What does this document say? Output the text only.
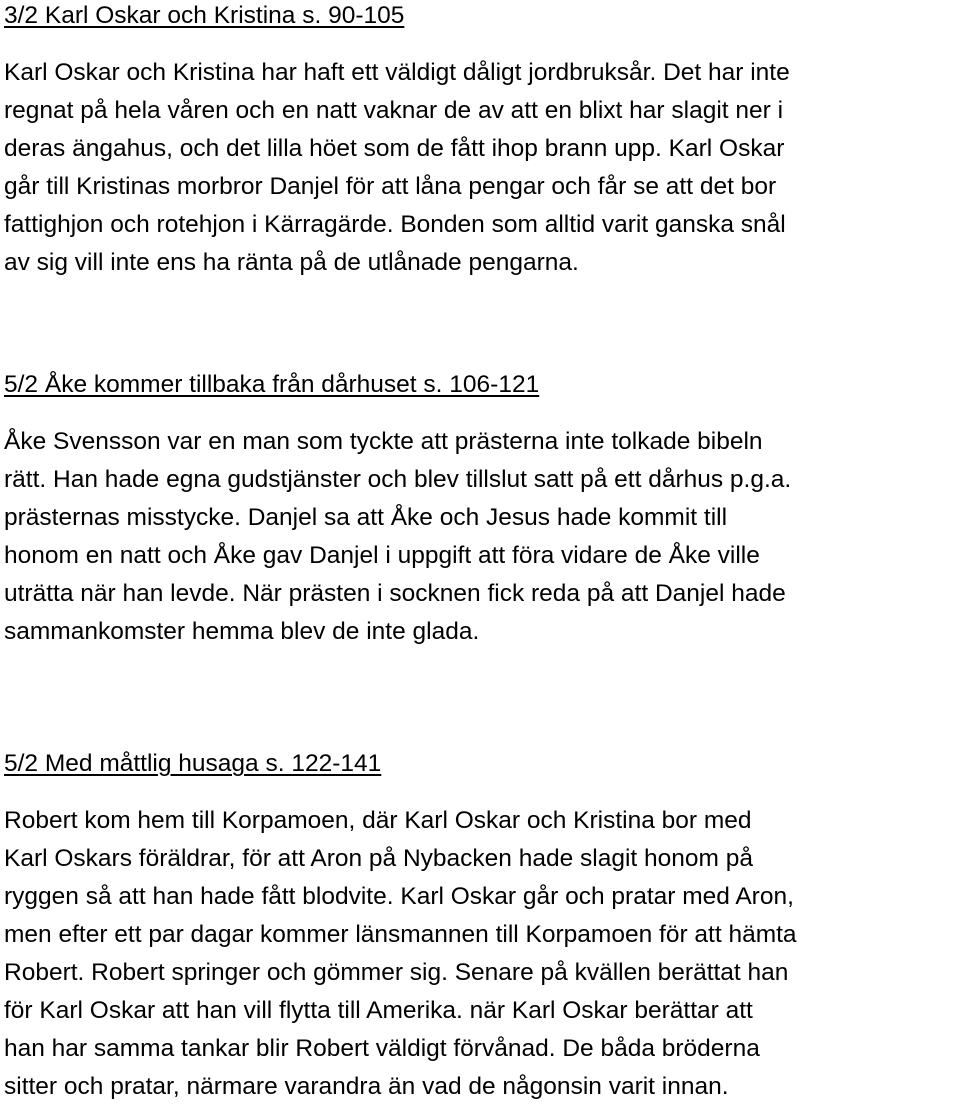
3/2 Karl Oskar och Kristina s. 90-105
Karl Oskar och Kristina har haft ett väldigt dåligt jordbruksår. Det har inte
regnat på hela våren och en natt vaknar de av att en blixt har slagit ner i
deras ängahus, och det lilla höet som de fått ihop brann upp. Karl Oskar
går till Kristinas morbror Danjel för att låna pengar och får se att det bor
fattighjon och rotehjon i Kärragärde. Bonden som alltid varit ganska snål
av sig vill inte ens ha ränta på de utlånade pengarna.
5/2 Åke kommer tillbaka från dårhuset s. 106-121
Åke Svensson var en man som tyckte att prästerna inte tolkade bibeln
rätt. Han hade egna gudstjänster och blev tillslut satt på ett dårhus p.g.a.
prästernas misstycke. Danjel sa att Åke och Jesus hade kommit till
honom en natt och Åke gav Danjel i uppgift att föra vidare de Åke ville
uträtta när han levde. När prästen i socknen fick reda på att Danjel hade
sammankomster hemma blev de inte glada.
5/2 Med måttlig husaga s. 122-141
Robert kom hem till Korpamoen, där Karl Oskar och Kristina bor med
Karl Oskars föräldrar, för att Aron på Nybacken hade slagit honom på
ryggen så att han hade fått blodvite. Karl Oskar går och pratar med Aron,
men efter ett par dagar kommer länsmannen till Korpamoen för att hämta
Robert. Robert springer och gömmer sig. Senare på kvällen berättat han
för Karl Oskar att han vill flytta till Amerika. när Karl Oskar berättar att
han har samma tankar blir Robert väldigt förvånad. De båda bröderna
sitter och pratar, närmare varandra än vad de någonsin varit innan.
